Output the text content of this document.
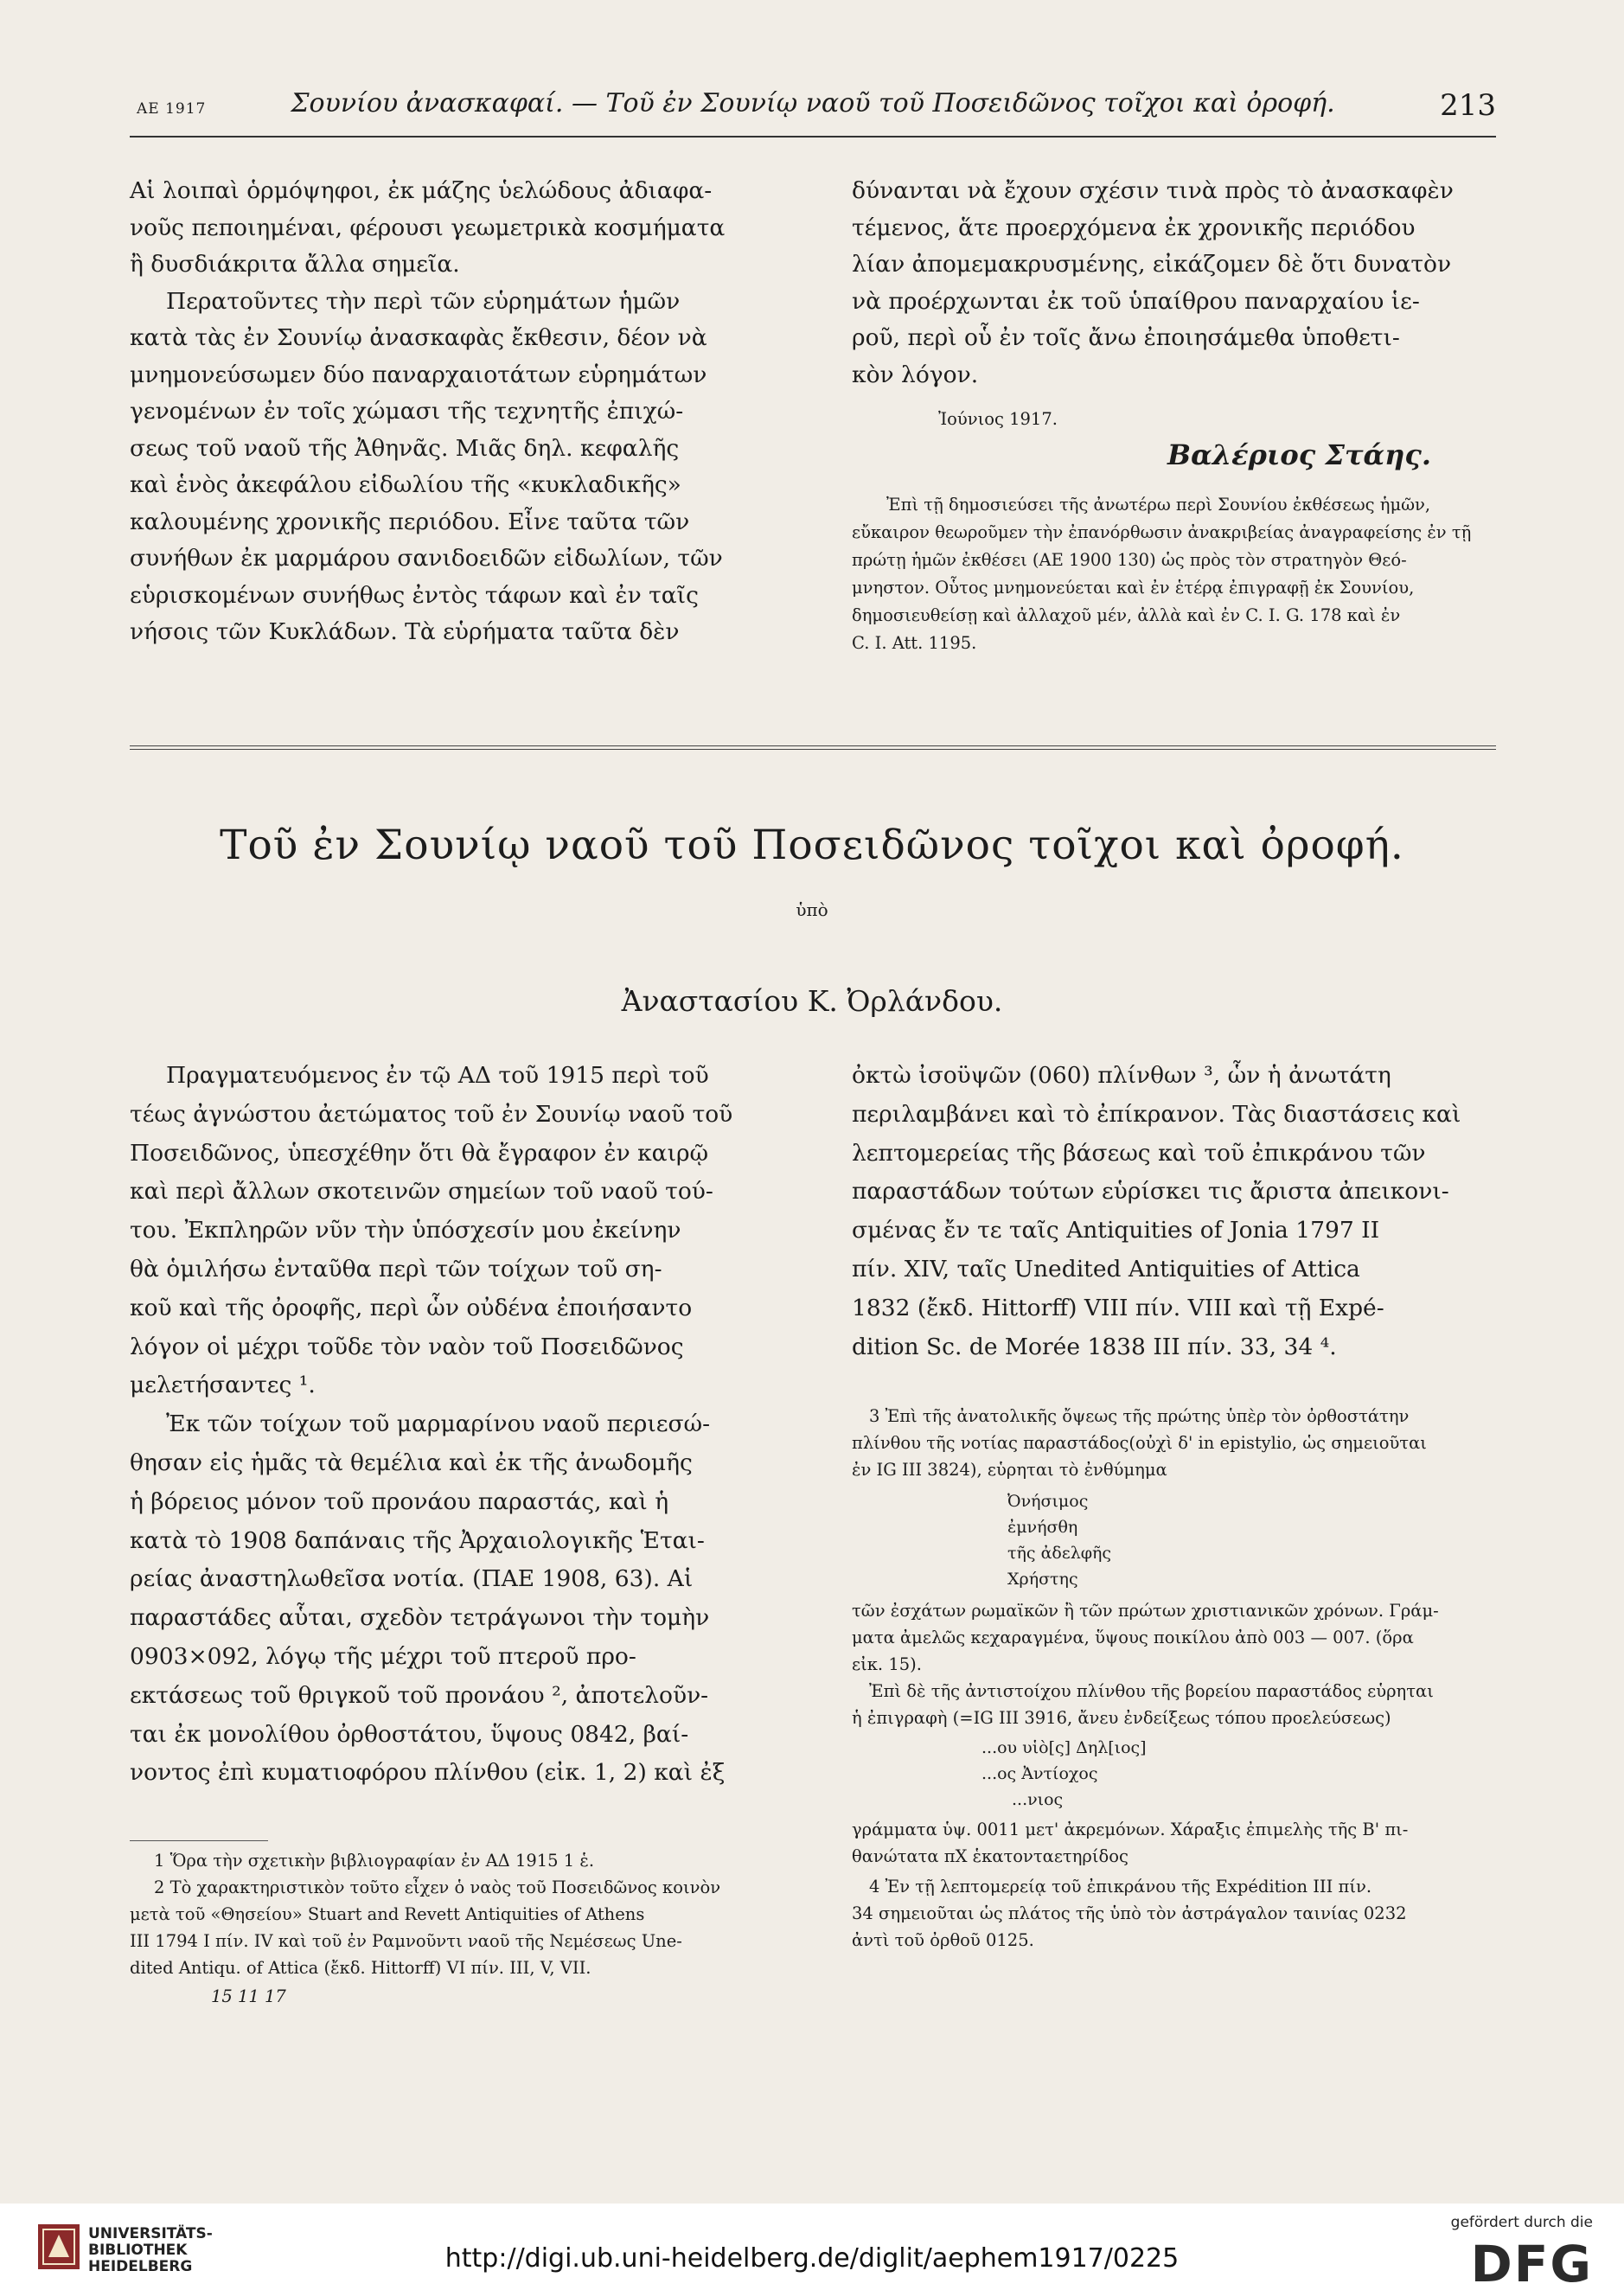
ΑΕ 1917	Σουνίου ἀνασκαφαί. — Τοῦ ἐν Σουνίῳ ναοῦ τοῦ Ποσειδῶνος τοῖχοι καὶ ὀροφή.	213

Αἱ λοιπαὶ ὁρμόψηφοι, ἐκ μάζης ὑελώδους ἀδιαφα-

νοῦς πεποιημέναι, φέρουσι γεωμετρικὰ κοσμήματα

ἢ δυσδιάκριτα ἄλλα σημεῖα.

Περατοῦντες τὴν περὶ τῶν εὑρημάτων ἡμῶν

κατὰ τὰς ἐν Σουνίῳ ἀνασκαφὰς ἔκθεσιν, δέον νὰ

μνημονεύσωμεν δύο παναρχαιοτάτων εὑρημάτων

γενομένων ἐν τοῖς χώμασι τῆς τεχνητῆς ἐπιχώ-

σεως τοῦ ναοῦ τῆς Ἀθηνᾶς. Μιᾶς δηλ. κεφαλῆς

καὶ ἑνὸς ἀκεφάλου εἰδωλίου τῆς «κυκλαδικῆς»

καλουμένης χρονικῆς περιόδου. Εἶνε ταῦτα τῶν

συνήθων ἐκ μαρμάρου σανιδοειδῶν εἰδωλίων, τῶν

εὑρισκομένων συνήθως ἐντὸς τάφων καὶ ἐν ταῖς

νήσοις τῶν Κυκλάδων. Τὰ εὑρήματα ταῦτα δὲν

δύνανται νὰ ἔχουν σχέσιν τινὰ πρὸς τὸ ἀνασκαφὲν

τέμενος, ἅτε προερχόμενα ἐκ χρονικῆς περιόδου

λίαν ἀπομεμακρυσμένης, εἰκάζομεν δὲ ὅτι δυνατὸν

νὰ προέρχωνται ἐκ τοῦ ὑπαίθρου παναρχαίου ἱε-

ροῦ, περὶ οὗ ἐν τοῖς ἄνω ἐποιησάμεθα ὑποθετι-

κὸν λόγον.

Ἰούνιος 1917.
Βαλέριος Στάης.
Ἐπὶ τῇ δημοσιεύσει τῆς ἀνωτέρω περὶ Σουνίου ἐκθέσεως ἡμῶν,
εὔκαιρον θεωροῦμεν τὴν ἐπανόρθωσιν ἀνακριβείας ἀναγραφείσης ἐν τῇ
πρώτῃ ἡμῶν ἐκθέσει (ΑΕ 1900 130) ὡς πρὸς τὸν στρατηγὸν Θεό-
μνηστον. Οὗτος μνημονεύεται καὶ ἐν ἑτέρᾳ ἐπιγραφῇ ἐκ Σουνίου,
δημοσιευθείσῃ καὶ ἀλλαχοῦ μέν, ἀλλὰ καὶ ἐν C. I. G. 178 καὶ ἐν
C. I. Att. 1195.
Τοῦ ἐν Σουνίῳ ναοῦ τοῦ Ποσειδῶνος τοῖχοι καὶ ὀροφή.
ὑπὸ
Ἀναστασίου Κ. Ὀρλάνδου.

Πραγματευόμενος ἐν τῷ ΑΔ τοῦ 1915 περὶ τοῦ

τέως ἀγνώστου ἀετώματος τοῦ ἐν Σουνίῳ ναοῦ τοῦ

Ποσειδῶνος, ὑπεσχέθην ὅτι θὰ ἔγραφον ἐν καιρῷ

καὶ περὶ ἄλλων σκοτεινῶν σημείων τοῦ ναοῦ τού-

του. Ἐκπληρῶν νῦν τὴν ὑπόσχεσίν μου ἐκείνην

θὰ ὁμιλήσω ἐνταῦθα περὶ τῶν τοίχων τοῦ ση-

κοῦ καὶ τῆς ὀροφῆς, περὶ ὧν οὐδένα ἐποιήσαντο

λόγον οἱ μέχρι τοῦδε τὸν ναὸν τοῦ Ποσειδῶνος

μελετήσαντες ¹.

Ἐκ τῶν τοίχων τοῦ μαρμαρίνου ναοῦ περιεσώ-

θησαν εἰς ἡμᾶς τὰ θεμέλια καὶ ἐκ τῆς ἀνωδομῆς

ἡ βόρειος μόνον τοῦ προνάου παραστάς, καὶ ἡ

κατὰ τὸ 1908 δαπάναις τῆς Ἀρχαιολογικῆς Ἑται-

ρείας ἀναστηλωθεῖσα νοτία. (ΠΑΕ 1908, 63). Αἱ

παραστάδες αὗται, σχεδὸν τετράγωνοι τὴν τομὴν

0903×092, λόγῳ τῆς μέχρι τοῦ πτεροῦ προ-

εκτάσεως τοῦ θριγκοῦ τοῦ προνάου ², ἀποτελοῦν-

ται ἐκ μονολίθου ὀρθοστάτου, ὕψους 0842, βαί-

νοντος ἐπὶ κυματιοφόρου πλίνθου (εἰκ. 1, 2) καὶ ἐξ

1 Ὅρα τὴν σχετικὴν βιβλιογραφίαν ἐν ΑΔ 1915 1 ἑ.
2 Τὸ χαρακτηριστικὸν τοῦτο εἶχεν ὁ ναὸς τοῦ Ποσειδῶνος κοινὸν
μετὰ τοῦ «Θησείου» Stuart and Revett Antiquities of Athens
III 1794 I πίν. IV καὶ τοῦ ἐν Ραμνοῦντι ναοῦ τῆς Νεμέσεως Une-
dited Antiqu. of Attica (ἔκδ. Hittorff) VI πίν. III, V, VII.
15 11 17

ὀκτὼ ἰσοϋψῶν (060) πλίνθων ³, ὧν ἡ ἀνωτάτη

περιλαμβάνει καὶ τὸ ἐπίκρανον. Τὰς διαστάσεις καὶ

λεπτομερείας τῆς βάσεως καὶ τοῦ ἐπικράνου τῶν

παραστάδων τούτων εὑρίσκει τις ἄριστα ἀπεικονι-

σμένας ἔν τε ταῖς Antiquities of Jonia 1797 II

πίν. XIV, ταῖς Unedited Antiquities of Attica

1832 (ἔκδ. Hittorff) VIII πίν. VIII καὶ τῇ Expé-

dition Sc. de Morée 1838 III πίν. 33, 34 ⁴.

3 Ἐπὶ τῆς ἀνατολικῆς ὄψεως τῆς πρώτης ὑπὲρ τὸν ὀρθοστάτην
πλίνθου τῆς νοτίας παραστάδος(οὐχὶ δ' in epistylio, ὡς σημειοῦται
ἐν IG III 3824), εὑρηται τὸ ἐνθύμημα
Ὀνήσιμος
ἐμνήσθη
τῆς ἀδελφῆς
Χρήστης
τῶν ἐσχάτων ρωμαϊκῶν ἢ τῶν πρώτων χριστιανικῶν χρόνων. Γράμ-
ματα ἀμελῶς κεχαραγμένα, ὕψους ποικίλου ἀπὸ 003 — 007. (ὅρα
εἰκ. 15).
Ἐπὶ δὲ τῆς ἀντιστοίχου πλίνθου τῆς βορείου παραστάδος εὑρηται
ἡ ἐπιγραφὴ (=IG III 3916, ἄνευ ἐνδείξεως τόπου προελεύσεως)
...ου υἱὸ[ς] Δηλ[ιος]
...ος Ἀντίοχος
...νιος
γράμματα ὑψ. 0011 μετ' ἀκρεμόνων. Χάραξις ἐπιμελὴς τῆς Β' πι-
θανώτατα πX ἑκατονταετηρίδος
4 Ἐν τῇ λεπτομερείᾳ τοῦ ἐπικράνου τῆς Expédition III πίν.
34 σημειοῦται ὡς πλάτος τῆς ὑπὸ τὸν ἀστράγαλον ταινίας 0232
ἀντὶ τοῦ ὀρθοῦ 0125.
UNIVERSITÄTS-
BIBLIOTHEK
HEIDELBERG	http://digi.ub.uni-heidelberg.de/diglit/aephem1917/0225
gefördert durch die
DFG
